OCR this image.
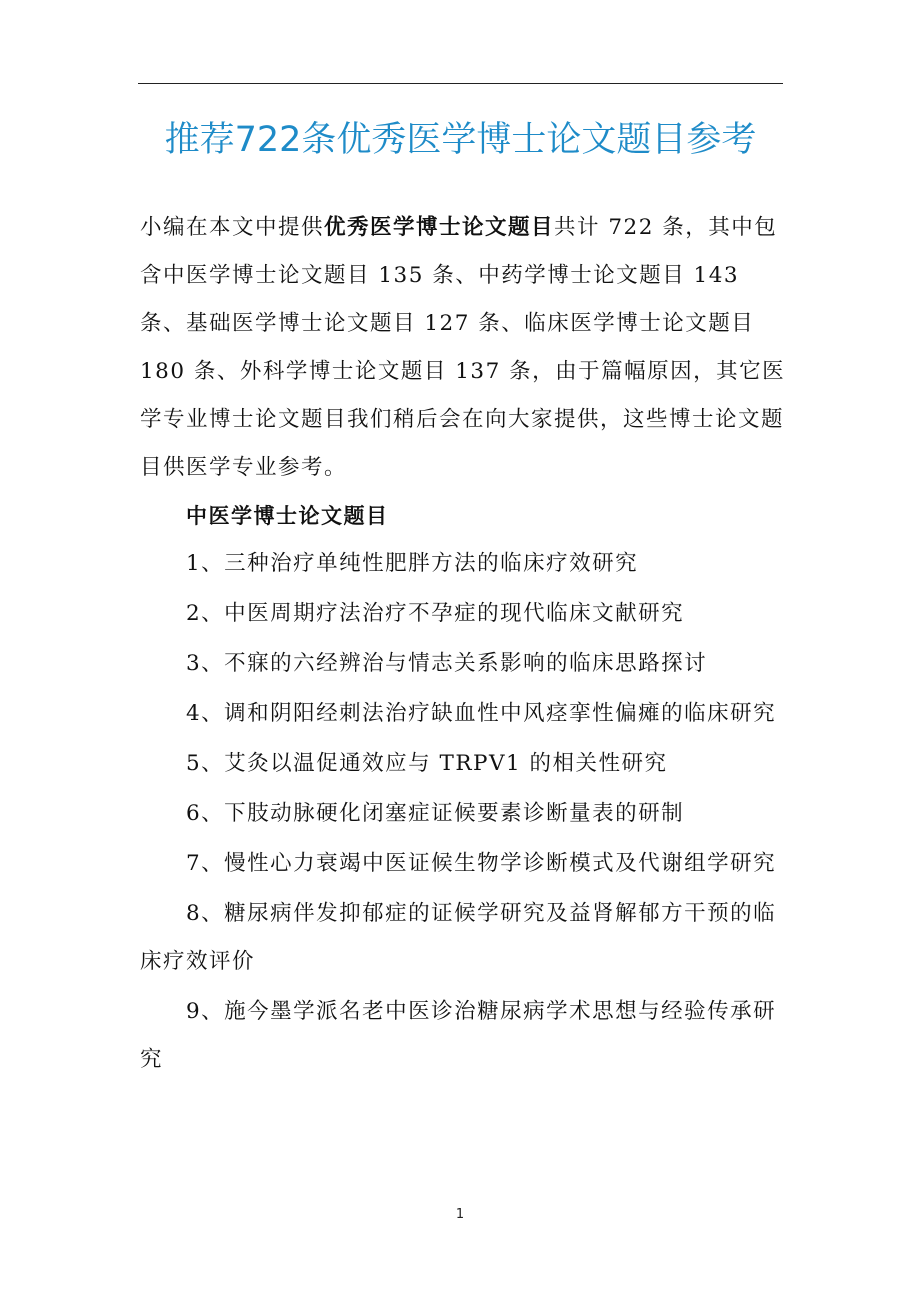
推荐722条优秀医学博士论文题目参考

小编在本文中提供优秀医学博士论文题目共计 722 条，其中包含中医学博士论文题目 135 条、中药学博士论文题目 143 条、基础医学博士论文题目 127 条、临床医学博士论文题目 180 条、外科学博士论文题目 137 条，由于篇幅原因，其它医学专业博士论文题目我们稍后会在向大家提供，这些博士论文题目供医学专业参考。

中医学博士论文题目

1、三种治疗单纯性肥胖方法的临床疗效研究

2、中医周期疗法治疗不孕症的现代临床文献研究

3、不寐的六经辨治与情志关系影响的临床思路探讨

4、调和阴阳经刺法治疗缺血性中风痉挛性偏瘫的临床研究

5、艾灸以温促通效应与 TRPV1 的相关性研究

6、下肢动脉硬化闭塞症证候要素诊断量表的研制

7、慢性心力衰竭中医证候生物学诊断模式及代谢组学研究

8、糖尿病伴发抑郁症的证候学研究及益肾解郁方干预的临床疗效评价

9、施今墨学派名老中医诊治糖尿病学术思想与经验传承研究

1
